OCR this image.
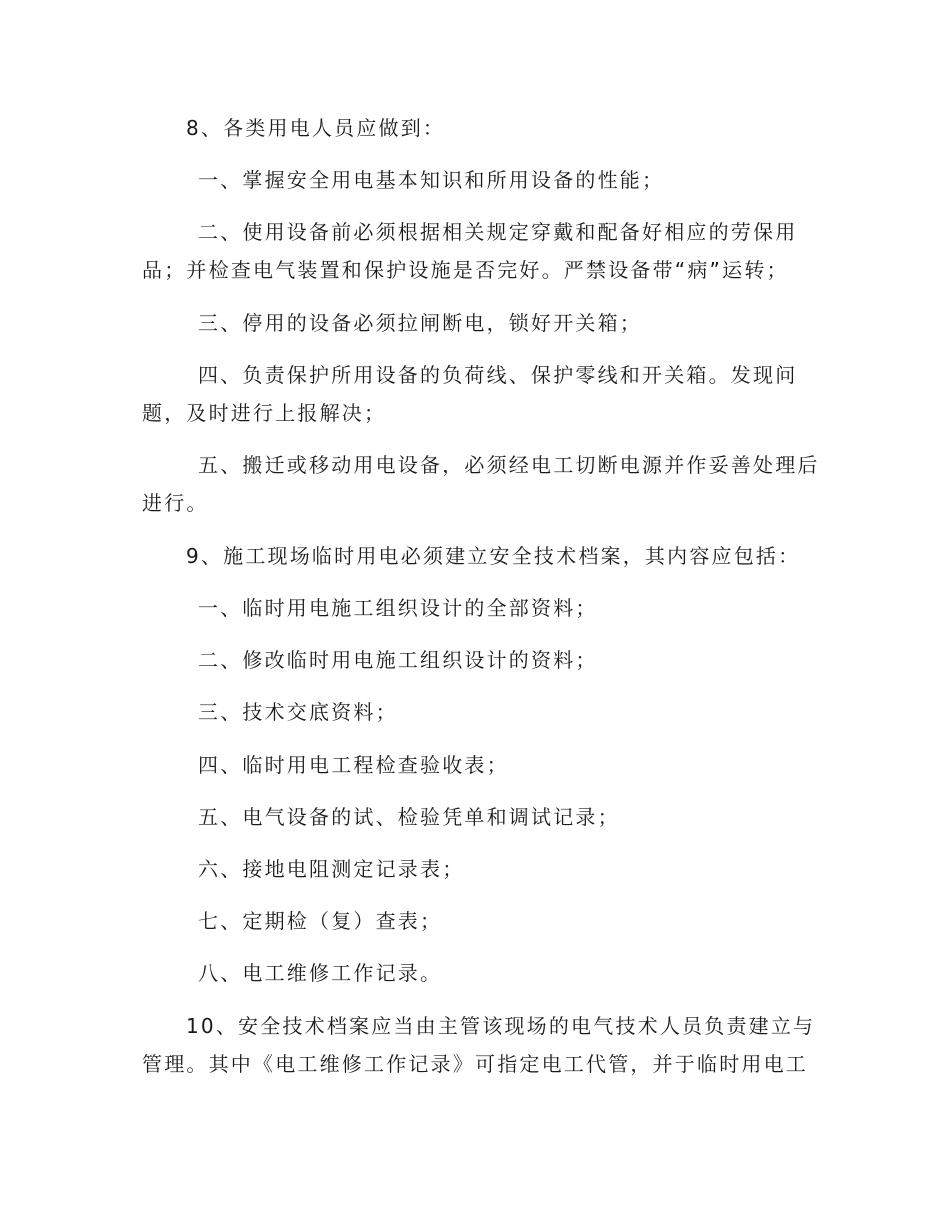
8、各类用电人员应做到：
一、掌握安全用电基本知识和所用设备的性能；
二、使用设备前必须根据相关规定穿戴和配备好相应的劳保用
品；并检查电气装置和保护设施是否完好。严禁设备带“病”运转；
三、停用的设备必须拉闸断电，锁好开关箱；
四、负责保护所用设备的负荷线、保护零线和开关箱。发现问
题，及时进行上报解决；
五、搬迁或移动用电设备，必须经电工切断电源并作妥善处理后
进行。
9、施工现场临时用电必须建立安全技术档案，其内容应包括：
一、临时用电施工组织设计的全部资料；
二、修改临时用电施工组织设计的资料；
三、技术交底资料；
四、临时用电工程检查验收表；
五、电气设备的试、检验凭单和调试记录；
六、接地电阻测定记录表；
七、定期检（复）查表；
八、电工维修工作记录。
10、安全技术档案应当由主管该现场的电气技术人员负责建立与
管理。其中《电工维修工作记录》可指定电工代管，并于临时用电工
